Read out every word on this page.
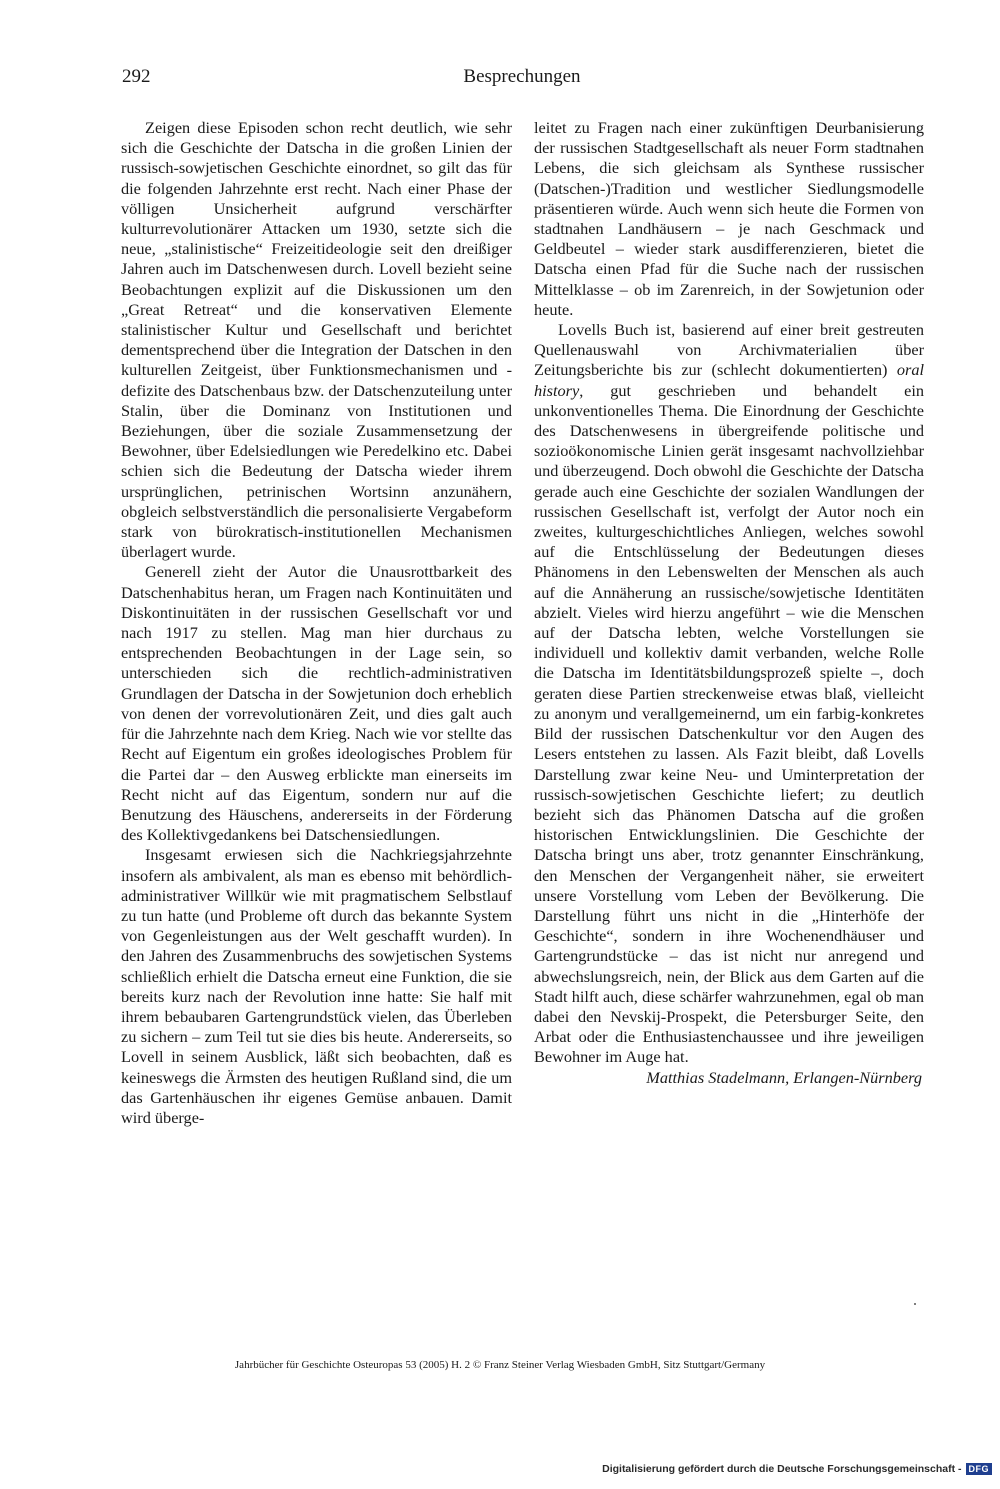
292	Besprechungen

Zeigen diese Episoden schon recht deutlich, wie sehr sich die Geschichte der Datscha in die großen Linien der russisch-sowjetischen Geschichte einordnet, so gilt das für die folgenden Jahrzehnte erst recht. Nach einer Phase der völligen Unsicherheit aufgrund verschärfter kulturrevolutionärer Attacken um 1930, setzte sich die neue, „stalinistische“ Freizeitideologie seit den dreißiger Jahren auch im Datschenwesen durch. Lovell bezieht seine Beobachtungen explizit auf die Diskussionen um den „Great Retreat“ und die konservativen Elemente stalinistischer Kultur und Gesellschaft und berichtet dementsprechend über die Integration der Datschen in den kulturellen Zeitgeist, über Funktionsmechanismen und -defizite des Datschenbaus bzw. der Datschenzuteilung unter Stalin, über die Dominanz von Institutionen und Beziehungen, über die soziale Zusammensetzung der Bewohner, über Edelsiedlungen wie Peredelkino etc. Dabei schien sich die Bedeutung der Datscha wieder ihrem ursprünglichen, petrinischen Wortsinn anzunähern, obgleich selbstverständlich die personalisierte Vergabeform stark von bürokratisch-institutionellen Mechanismen überlagert wurde.

Generell zieht der Autor die Unausrottbarkeit des Datschenhabitus heran, um Fragen nach Kontinuitäten und Diskontinuitäten in der russischen Gesellschaft vor und nach 1917 zu stellen. Mag man hier durchaus zu entsprechenden Beobachtungen in der Lage sein, so unterschieden sich die rechtlich-administrativen Grundlagen der Datscha in der Sowjetunion doch erheblich von denen der vorrevolutionären Zeit, und dies galt auch für die Jahrzehnte nach dem Krieg. Nach wie vor stellte das Recht auf Eigentum ein großes ideologisches Problem für die Partei dar – den Ausweg erblickte man einerseits im Recht nicht auf das Eigentum, sondern nur auf die Benutzung des Häuschens, andererseits in der Förderung des Kollektivgedankens bei Datschensiedlungen.

Insgesamt erwiesen sich die Nachkriegsjahrzehnte insofern als ambivalent, als man es ebenso mit behördlich-administrativer Willkür wie mit pragmatischem Selbstlauf zu tun hatte (und Probleme oft durch das bekannte System von Gegenleistungen aus der Welt geschafft wurden). In den Jahren des Zusammenbruchs des sowjetischen Systems schließlich erhielt die Datscha erneut eine Funktion, die sie bereits kurz nach der Revolution inne hatte: Sie half mit ihrem bebaubaren Gartengrundstück vielen, das Überleben zu sichern – zum Teil tut sie dies bis heute. Andererseits, so Lovell in seinem Ausblick, läßt sich beobachten, daß es keineswegs die Ärmsten des heutigen Rußland sind, die um das Gartenhäuschen ihr eigenes Gemüse anbauen. Damit wird überge-

leitet zu Fragen nach einer zukünftigen Deurbanisierung der russischen Stadtgesellschaft als neuer Form stadtnahen Lebens, die sich gleichsam als Synthese russischer (Datschen-)Tradition und westlicher Siedlungsmodelle präsentieren würde. Auch wenn sich heute die Formen von stadtnahen Landhäusern – je nach Geschmack und Geldbeutel – wieder stark ausdifferenzieren, bietet die Datscha einen Pfad für die Suche nach der russischen Mittelklasse – ob im Zarenreich, in der Sowjetunion oder heute.

Lovells Buch ist, basierend auf einer breit gestreuten Quellenauswahl von Archivmaterialien über Zeitungsberichte bis zur (schlecht dokumentierten) oral history, gut geschrieben und behandelt ein unkonventionelles Thema. Die Einordnung der Geschichte des Datschenwesens in übergreifende politische und sozioökonomische Linien gerät insgesamt nachvollziehbar und überzeugend. Doch obwohl die Geschichte der Datscha gerade auch eine Geschichte der sozialen Wandlungen der russischen Gesellschaft ist, verfolgt der Autor noch ein zweites, kulturgeschichtliches Anliegen, welches sowohl auf die Entschlüsselung der Bedeutungen dieses Phänomens in den Lebenswelten der Menschen als auch auf die Annäherung an russische/sowjetische Identitäten abzielt. Vieles wird hierzu angeführt – wie die Menschen auf der Datscha lebten, welche Vorstellungen sie individuell und kollektiv damit verbanden, welche Rolle die Datscha im Identitätsbildungsprozeß spielte –, doch geraten diese Partien streckenweise etwas blaß, vielleicht zu anonym und verallgemeinernd, um ein farbig-konkretes Bild der russischen Datschenkultur vor den Augen des Lesers entstehen zu lassen. Als Fazit bleibt, daß Lovells Darstellung zwar keine Neu- und Uminterpretation der russisch-sowjetischen Geschichte liefert; zu deutlich bezieht sich das Phänomen Datscha auf die großen historischen Entwicklungslinien. Die Geschichte der Datscha bringt uns aber, trotz genannter Einschränkung, den Menschen der Vergangenheit näher, sie erweitert unsere Vorstellung vom Leben der Bevölkerung. Die Darstellung führt uns nicht in die „Hinterhöfe der Geschichte“, sondern in ihre Wochenendhäuser und Gartengrundstücke – das ist nicht nur anregend und abwechslungsreich, nein, der Blick aus dem Garten auf die Stadt hilft auch, diese schärfer wahrzunehmen, egal ob man dabei den Nevskij-Prospekt, die Petersburger Seite, den Arbat oder die Enthusiastenchaussee und ihre jeweiligen Bewohner im Auge hat.

Matthias Stadelmann, Erlangen-Nürnberg

Jahrbücher für Geschichte Osteuropas 53 (2005) H. 2 © Franz Steiner Verlag Wiesbaden GmbH, Sitz Stuttgart/Germany
Digitalisierung gefördert durch die Deutsche Forschungsgemeinschaft - DFG
